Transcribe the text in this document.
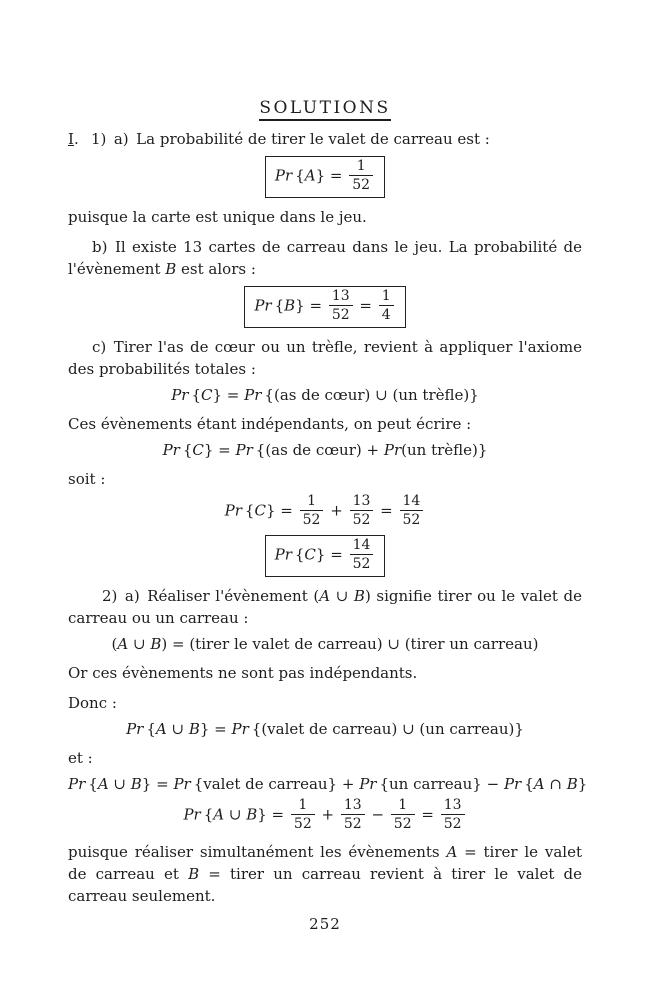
SOLUTIONS

I.  1) a) La probabilité de tirer le valet de carreau est :

Pr $\{A\} = \frac{1}{52}$

puisque la carte est unique dans le jeu.

b) Il existe 13 cartes de carreau dans le jeu. La probabilité de l'évènement B est alors :

Pr $\{B\} = \frac{13}{52} = \frac{1}{4}$

c) Tirer l'as de cœur ou un trèfle, revient à appliquer l'axiome des probabilités totales :

Pr {C} = Pr {(as de cœur) ∪ (un trèfle)}

Ces évènements étant indépendants, on peut écrire :

Pr {C} = Pr {(as de cœur) + Pr(un trèfle)}

soit :

Pr $\{C\} = \frac{1}{52} + \frac{13}{52} = \frac{14}{52}$
Pr $\{C\} = \frac{14}{52}$

2) a) Réaliser l'évènement (A ∪ B) signifie tirer ou le valet de carreau ou un carreau :

(A ∪ B) = (tirer le valet de carreau) ∪ (tirer un carreau)

Or ces évènements ne sont pas indépendants.

Donc :

Pr {A ∪ B} = Pr {(valet de carreau) ∪ (un carreau)}

et :

Pr {A ∪ B} = Pr {valet de carreau} + Pr {un carreau} − Pr {A ∩ B}
Pr {A ∪ $B\} = \frac{1}{52} + \frac{13}{52} - \frac{1}{52} = \frac{13}{52}$

puisque réaliser simultanément les évènements A = tirer le valet de carreau et B = tirer un carreau revient à tirer le valet de carreau seulement.

252
